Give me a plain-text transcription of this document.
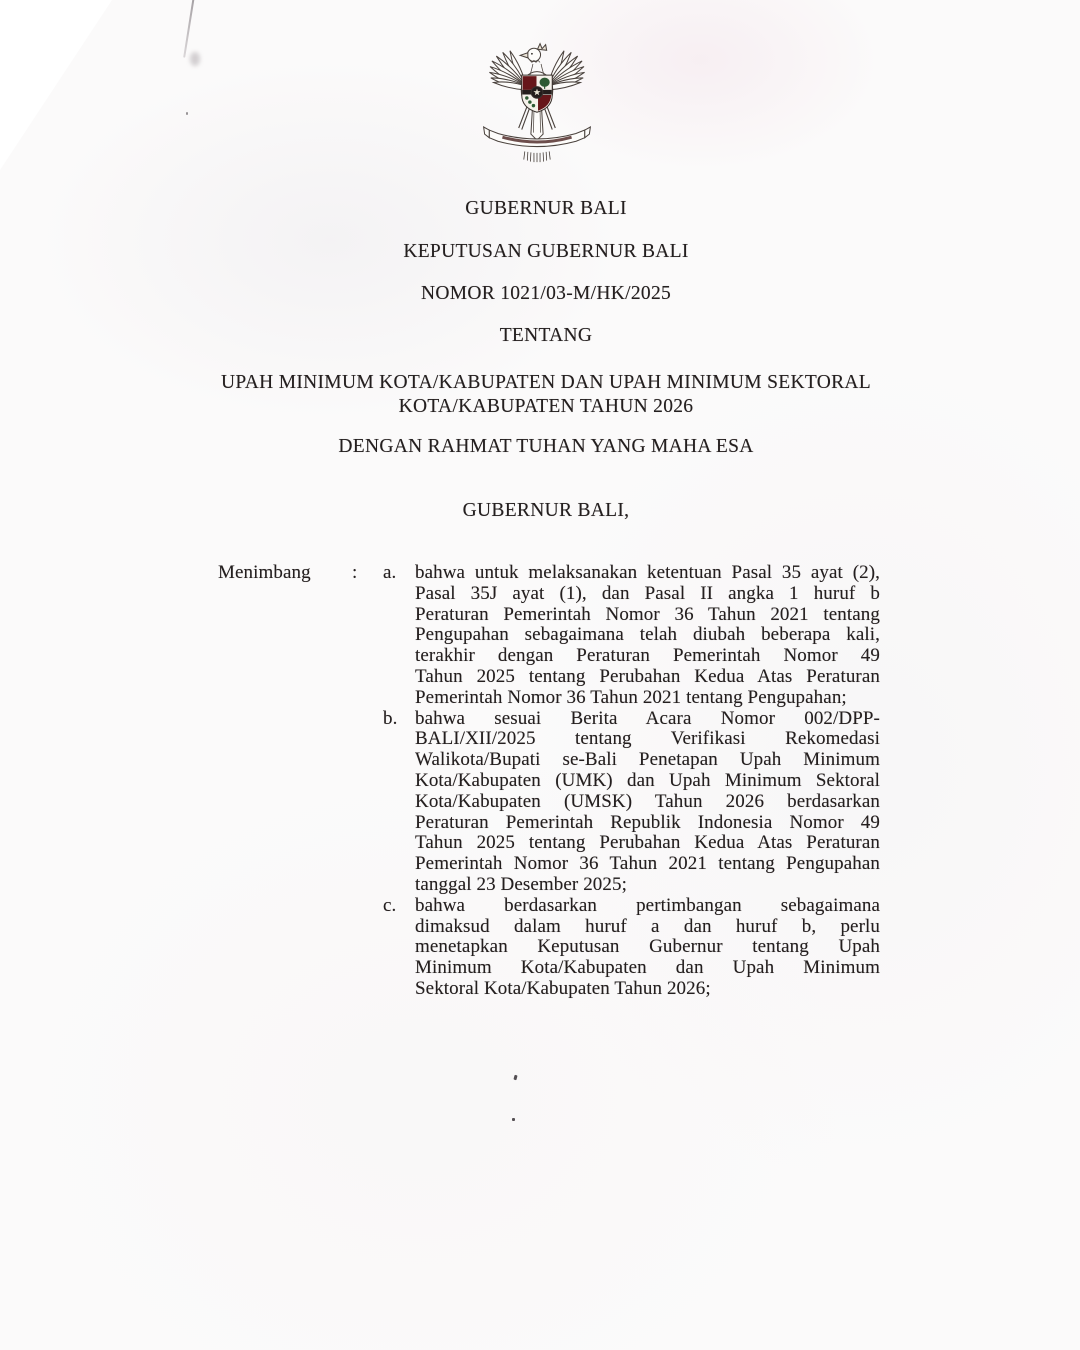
GUBERNUR BALI
KEPUTUSAN GUBERNUR BALI
NOMOR 1021/03-M/HK/2025
TENTANG
UPAH MINIMUM KOTA/KABUPATEN DAN UPAH MINIMUM SEKTORAL
KOTA/KABUPATEN TAHUN 2026
DENGAN RAHMAT TUHAN YANG MAHA ESA
GUBERNUR BALI,
Menimbang	:	a. bahwa untuk melaksanakan ketentuan Pasal 35 ayat (2),
Pasal 35J ayat (1), dan Pasal II angka 1 huruf b
Peraturan Pemerintah Nomor 36 Tahun 2021 tentang
Pengupahan sebagaimana telah diubah beberapa kali,
terakhir dengan Peraturan Pemerintah Nomor 49
Tahun 2025 tentang Perubahan Kedua Atas Peraturan
Pemerintah Nomor 36 Tahun 2021 tentang Pengupahan;
b. bahwa sesuai Berita Acara Nomor 002/DPP-
BALI/XII/2025 tentang Verifikasi Rekomedasi
Walikota/Bupati se-Bali Penetapan Upah Minimum
Kota/Kabupaten (UMK) dan Upah Minimum Sektoral
Kota/Kabupaten (UMSK) Tahun 2026 berdasarkan
Peraturan Pemerintah Republik Indonesia Nomor 49
Tahun 2025 tentang Perubahan Kedua Atas Peraturan
Pemerintah Nomor 36 Tahun 2021 tentang Pengupahan
tanggal 23 Desember 2025;
c. bahwa berdasarkan pertimbangan sebagaimana
dimaksud dalam huruf a dan huruf b, perlu
menetapkan Keputusan Gubernur tentang Upah
Minimum Kota/Kabupaten dan Upah Minimum
Sektoral Kota/Kabupaten Tahun 2026;
